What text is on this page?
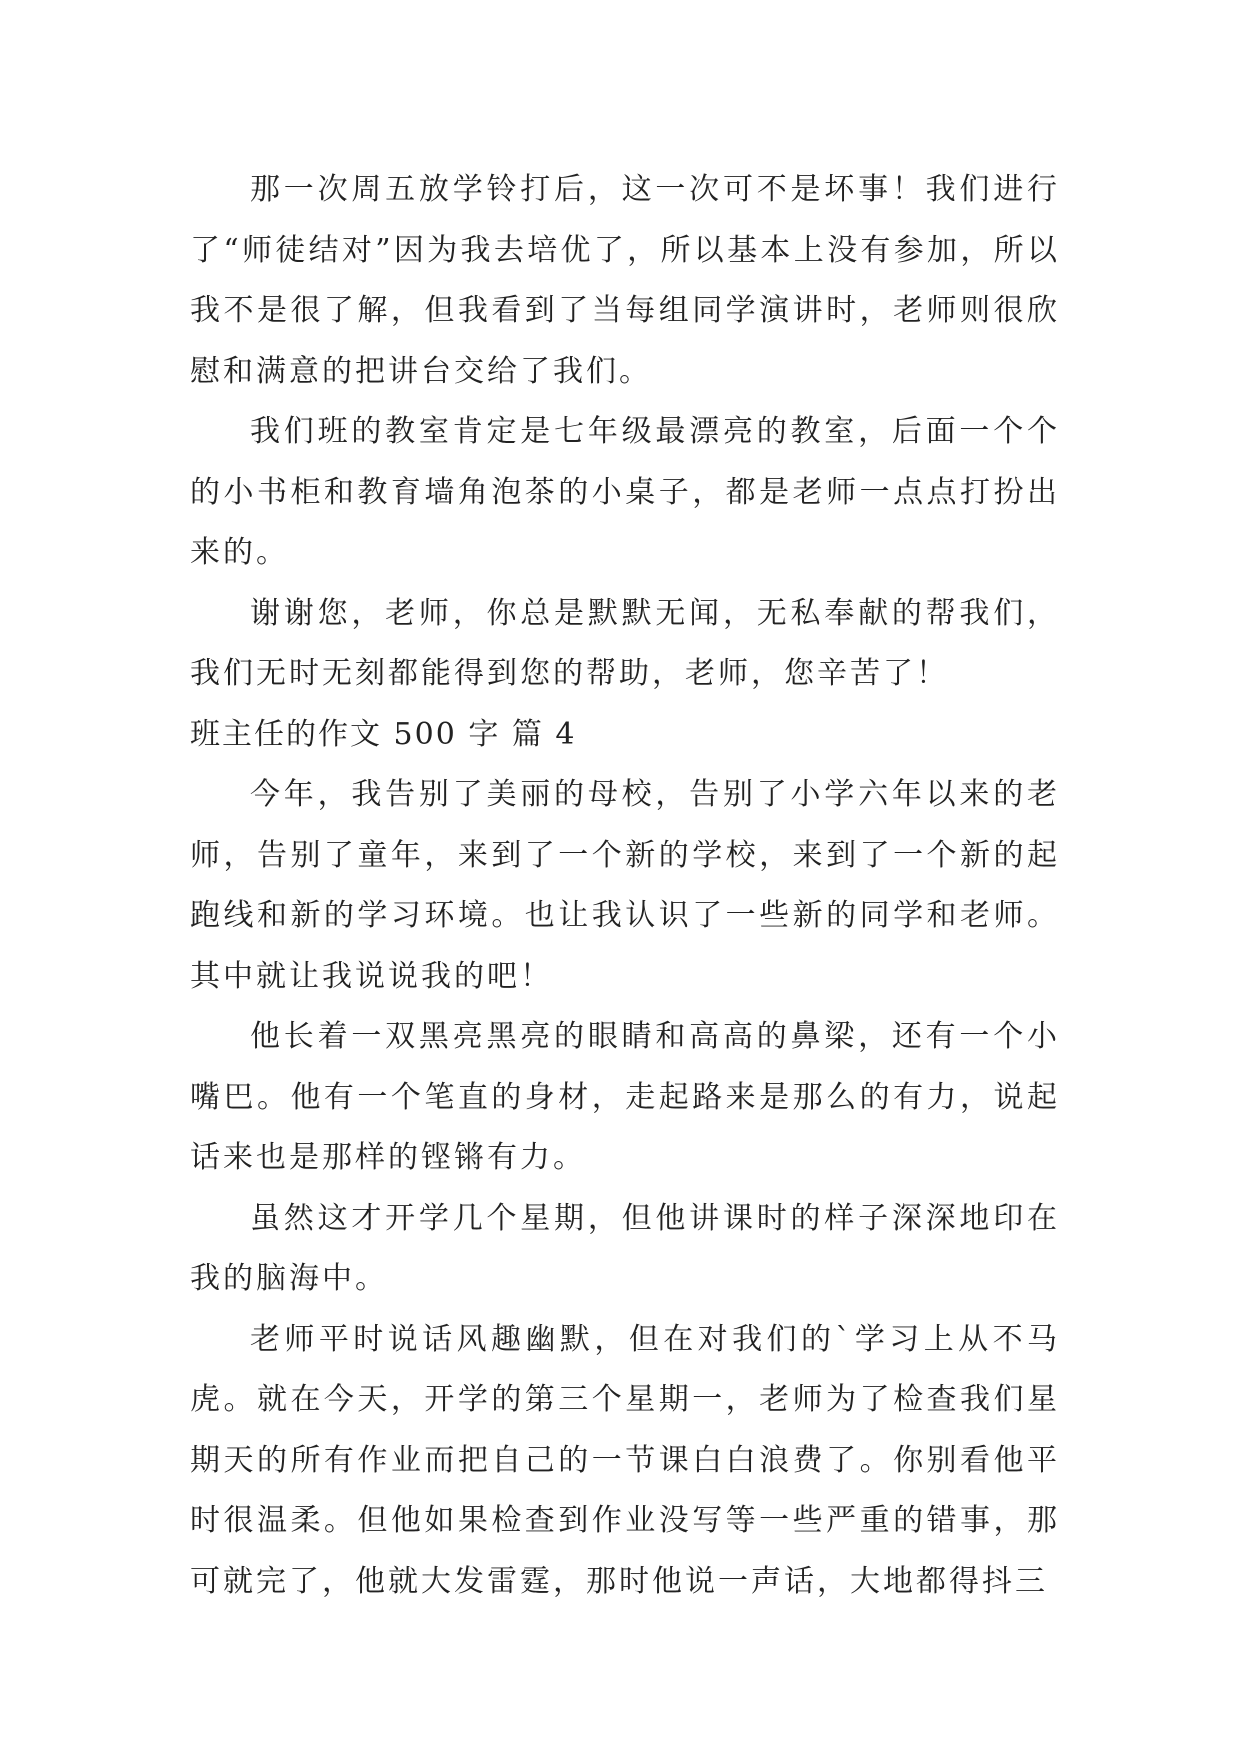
那一次周五放学铃打后，这一次可不是坏事！我们进行了“师徒结对”因为我去培优了，所以基本上没有参加，所以我不是很了解，但我看到了当每组同学演讲时，老师则很欣慰和满意的把讲台交给了我们。

我们班的教室肯定是七年级最漂亮的教室，后面一个个的小书柜和教育墙角泡茶的小桌子，都是老师一点点打扮出来的。

谢谢您，老师，你总是默默无闻，无私奉献的帮我们，我们无时无刻都能得到您的帮助，老师，您辛苦了！

班主任的作文 500 字 篇 4

今年，我告别了美丽的母校，告别了小学六年以来的老师，告别了童年，来到了一个新的学校，来到了一个新的起跑线和新的学习环境。也让我认识了一些新的同学和老师。其中就让我说说我的吧！

他长着一双黑亮黑亮的眼睛和高高的鼻梁，还有一个小嘴巴。他有一个笔直的身材，走起路来是那么的有力，说起话来也是那样的铿锵有力。

虽然这才开学几个星期，但他讲课时的样子深深地印在我的脑海中。

老师平时说话风趣幽默，但在对我们的`学习上从不马虎。就在今天，开学的第三个星期一，老师为了检查我们星期天的所有作业而把自己的一节课白白浪费了。你别看他平时很温柔。但他如果检查到作业没写等一些严重的错事，那可就完了，他就大发雷霆，那时他说一声话，大地都得抖三
